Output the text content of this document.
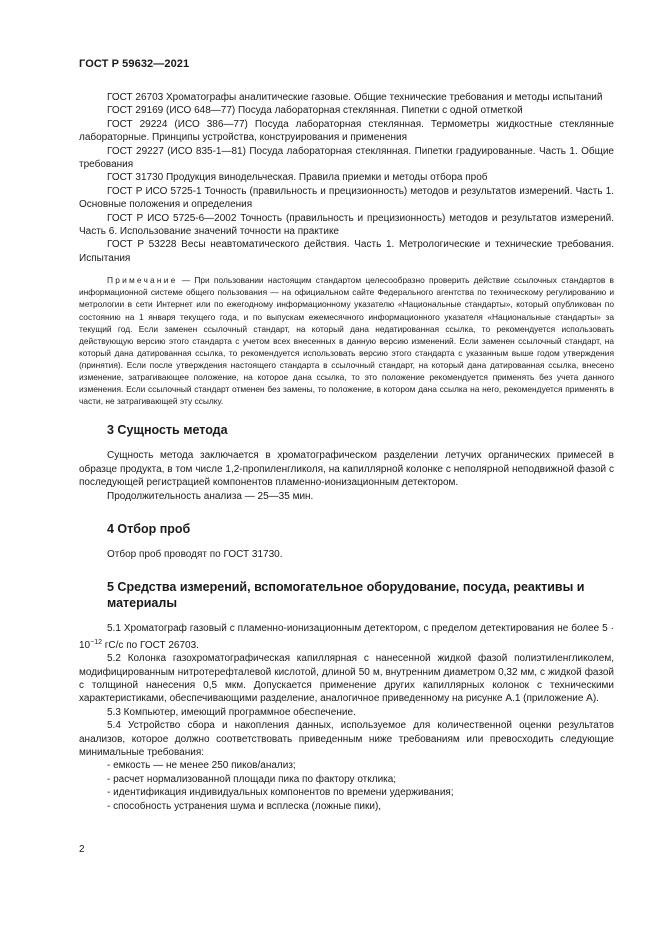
ГОСТ Р 59632—2021

ГОСТ 26703 Хроматографы аналитические газовые. Общие технические требования и методы испытаний

ГОСТ 29169 (ИСО 648—77) Посуда лабораторная стеклянная. Пипетки с одной отметкой

ГОСТ 29224 (ИСО 386—77) Посуда лабораторная стеклянная. Термометры жидкостные стеклянные лабораторные. Принципы устройства, конструирования и применения

ГОСТ 29227 (ИСО 835-1—81) Посуда лабораторная стеклянная. Пипетки градуированные. Часть 1. Общие требования

ГОСТ 31730 Продукция винодельческая. Правила приемки и методы отбора проб

ГОСТ Р ИСО 5725-1 Точность (правильность и прецизионность) методов и результатов измерений. Часть 1. Основные положения и определения

ГОСТ Р ИСО 5725-6—2002 Точность (правильность и прецизионность) методов и результатов измерений. Часть 6. Использование значений точности на практике

ГОСТ Р 53228 Весы неавтоматического действия. Часть 1. Метрологические и технические требования. Испытания

Примечание — При пользовании настоящим стандартом целесообразно проверить действие ссылочных стандартов в информационной системе общего пользования — на официальном сайте Федерального агентства по техническому регулированию и метрологии в сети Интернет или по ежегодному информационному указателю «Национальные стандарты», который опубликован по состоянию на 1 января текущего года, и по выпускам ежемесячного информационного указателя «Национальные стандарты» за текущий год. Если заменен ссылочный стандарт, на который дана недатированная ссылка, то рекомендуется использовать действующую версию этого стандарта с учетом всех внесенных в данную версию изменений. Если заменен ссылочный стандарт, на который дана датированная ссылка, то рекомендуется использовать версию этого стандарта с указанным выше годом утверждения (принятия). Если после утверждения настоящего стандарта в ссылочный стандарт, на который дана датированная ссылка, внесено изменение, затрагивающее положение, на которое дана ссылка, то это положение рекомендуется применять без учета данного изменения. Если ссылочный стандарт отменен без замены, то положение, в котором дана ссылка на него, рекомендуется применять в части, не затрагивающей эту ссылку.

3 Сущность метода

Сущность метода заключается в хроматографическом разделении летучих органических примесей в образце продукта, в том числе 1,2-пропиленгликоля, на капиллярной колонке с неполярной неподвижной фазой с последующей регистрацией компонентов пламенно-ионизационным детектором.

Продолжительность анализа — 25—35 мин.

4 Отбор проб

Отбор проб проводят по ГОСТ 31730.

5 Средства измерений, вспомогательное оборудование, посуда, реактивы и материалы

5.1 Хроматограф газовый с пламенно-ионизационным детектором, с пределом детектирования не более $5 \cdot 10^{-12}$ гС/с по ГОСТ 26703.

5.2 Колонка газохроматографическая капиллярная с нанесенной жидкой фазой полиэтиленгликолем, модифицированным нитротерефталевой кислотой, длиной 50 м, внутренним диаметром 0,32 мм, с жидкой фазой с толщиной нанесения 0,5 мкм. Допускается применение других капиллярных колонок с техническими характеристиками, обеспечивающими разделение, аналогичное приведенному на рисунке А.1 (приложение А).

5.3 Компьютер, имеющий программное обеспечение.

5.4 Устройство сбора и накопления данных, используемое для количественной оценки результатов анализов, которое должно соответствовать приведенным ниже требованиям или превосходить следующие минимальные требования:

- емкость — не менее 250 пиков/анализ;

- расчет нормализованной площади пика по фактору отклика;

- идентификация индивидуальных компонентов по времени удерживания;

- способность устранения шума и всплеска (ложные пики),

2
